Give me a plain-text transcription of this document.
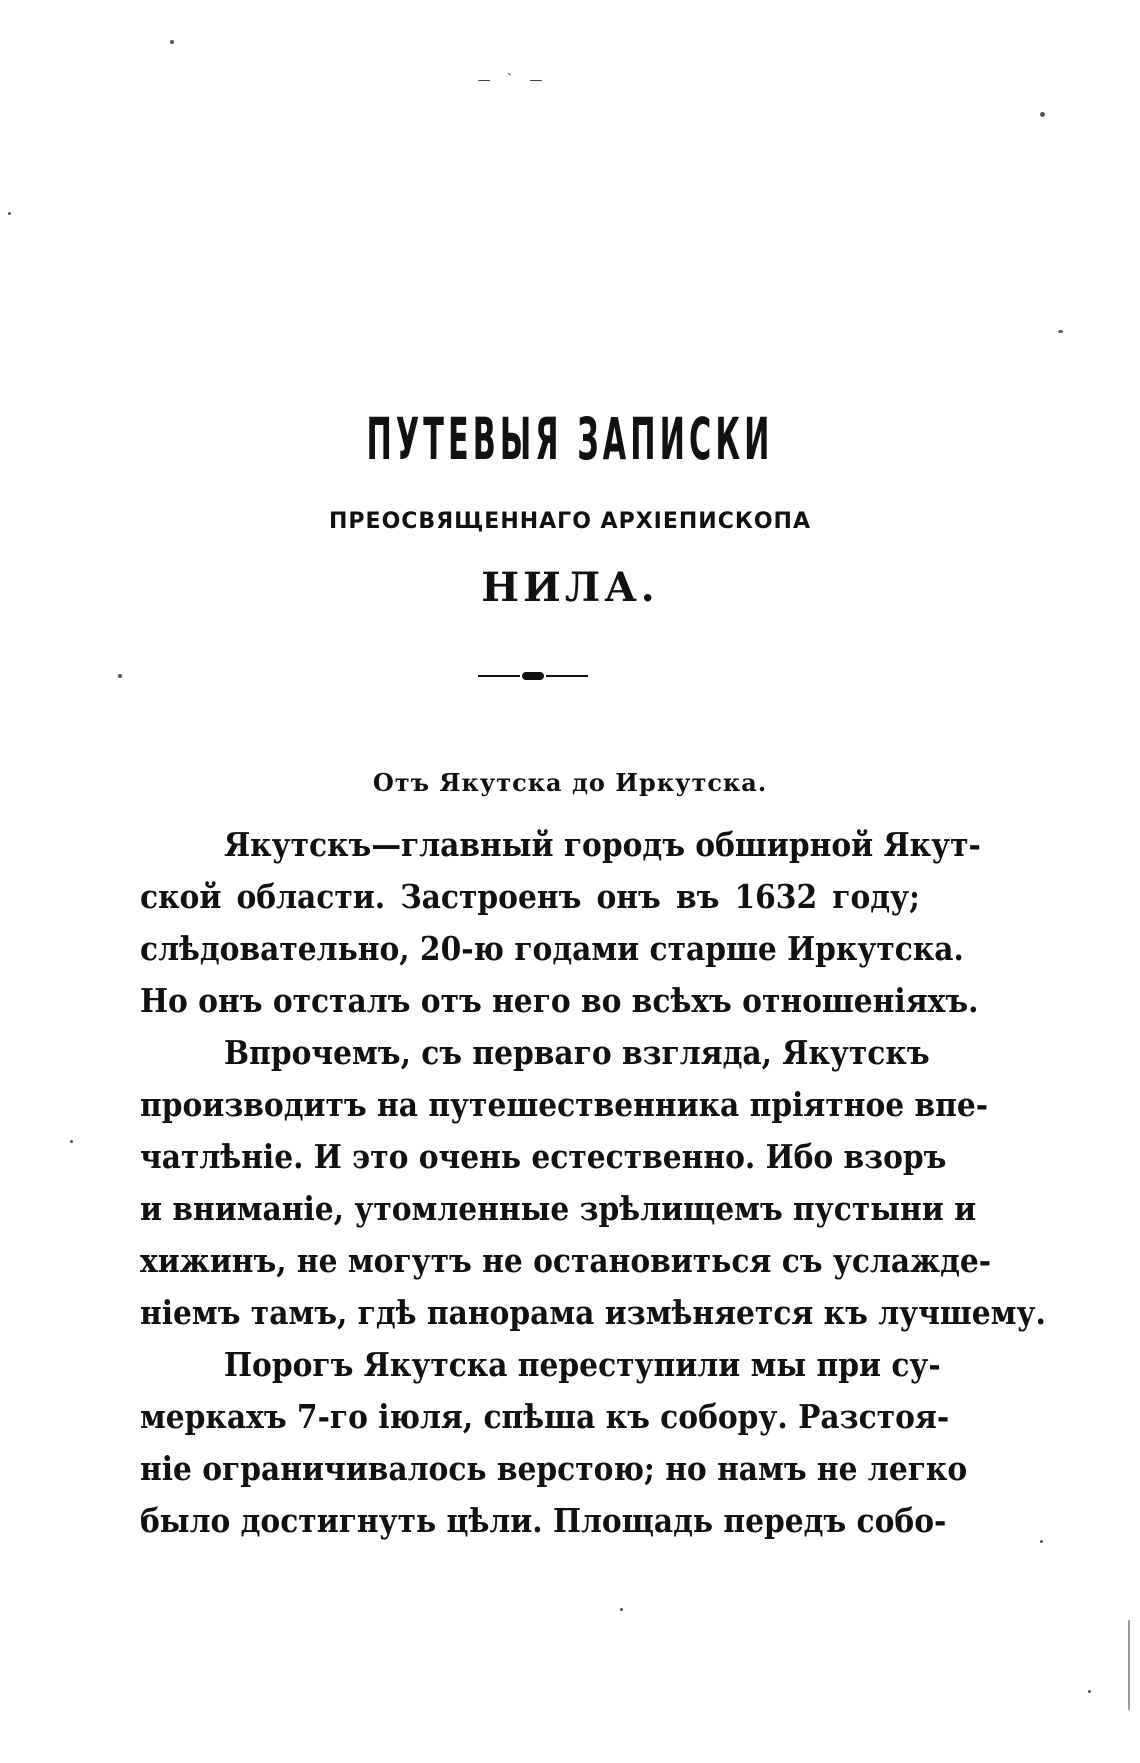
— ` —
ПУТЕВЫЯ ЗАПИСКИ
ПРЕОСВЯЩЕННАГО АРХІЕПИСКОПА
НИЛА.
Отъ Якутска до Иркутска.
Якутскъ—главный городъ обширной Якут-
ской области. Застроенъ онъ въ 1632 году;
слѣдовательно, 20-ю годами старше Иркутска.
Но онъ отсталъ отъ него во всѣхъ отношеніяхъ.
Впрочемъ, съ перваго взгляда, Якутскъ
производитъ на путешественника пріятное впе-
чатлѣніе. И это очень естественно. Ибо взоръ
и вниманіе, утомленные зрѣлищемъ пустыни и
хижинъ, не могутъ не остановиться съ услажде-
ніемъ тамъ, гдѣ панорама измѣняется къ лучшему.
Порогъ Якутска переступили мы при су-
меркахъ 7-го іюля, спѣша къ собору. Разстоя-
ніе ограничивалось верстою; но намъ не легко
было достигнуть цѣли. Площадь передъ собо-
